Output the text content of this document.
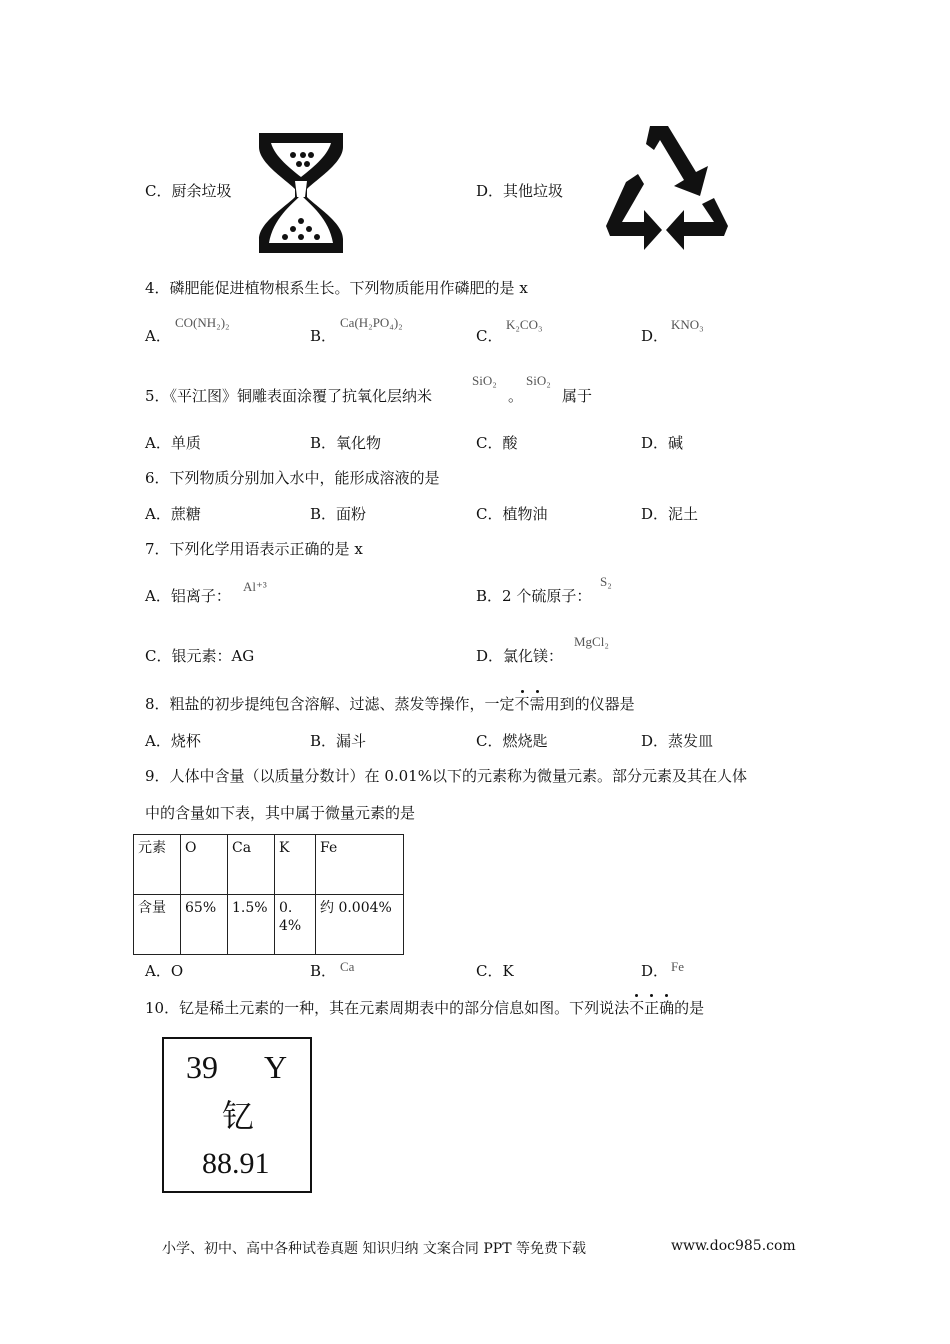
C．厨余垃圾	D．其他垃圾
4．磷肥能促进植物根系生长。下列物质能用作磷肥的是 x
A．
CO(NH₂)₂
B．
Ca(H₂PO₄)₂
C．
K₂CO₃
D．
KNO₃
5．《平江图》铜雕表面涂覆了抗氧化层纳米
SiO₂
。
SiO₂
属于
A．单质	B．氧化物	C．酸	D．碱
6．下列物质分别加入水中，能形成溶液的是
A．蔗糖	B．面粉	C．植物油	D．泥土
7．下列化学用语表示正确的是 x
A．铝离子：
Al⁺³
B．2 个硫原子：
S₂
C．银元素：AG	D．氯化镁：
MgCl₂
8．粗盐的初步提纯包含溶解、过滤、蒸发等操作，一定不需用到的仪器是
A．烧杯	B．漏斗	C．燃烧匙	D．蒸发皿
9．人体中含量（以质量分数计）在 0.01%以下的元素称为微量元素。部分元素及其在人体
中的含量如下表，其中属于微量元素的是
元素	O	Ca	K	Fe
含量	65%	1.5%	0.4%	约 0.004%
A．O	B． Ca	C．K	D． Fe
10．钇是稀土元素的一种，其在元素周期表中的部分信息如图。下列说法不正确的是
39 Y
钇
88.91
小学、初中、高中各种试卷真题 知识归纳 文案合同 PPT 等免费下载	www.doc985.com
